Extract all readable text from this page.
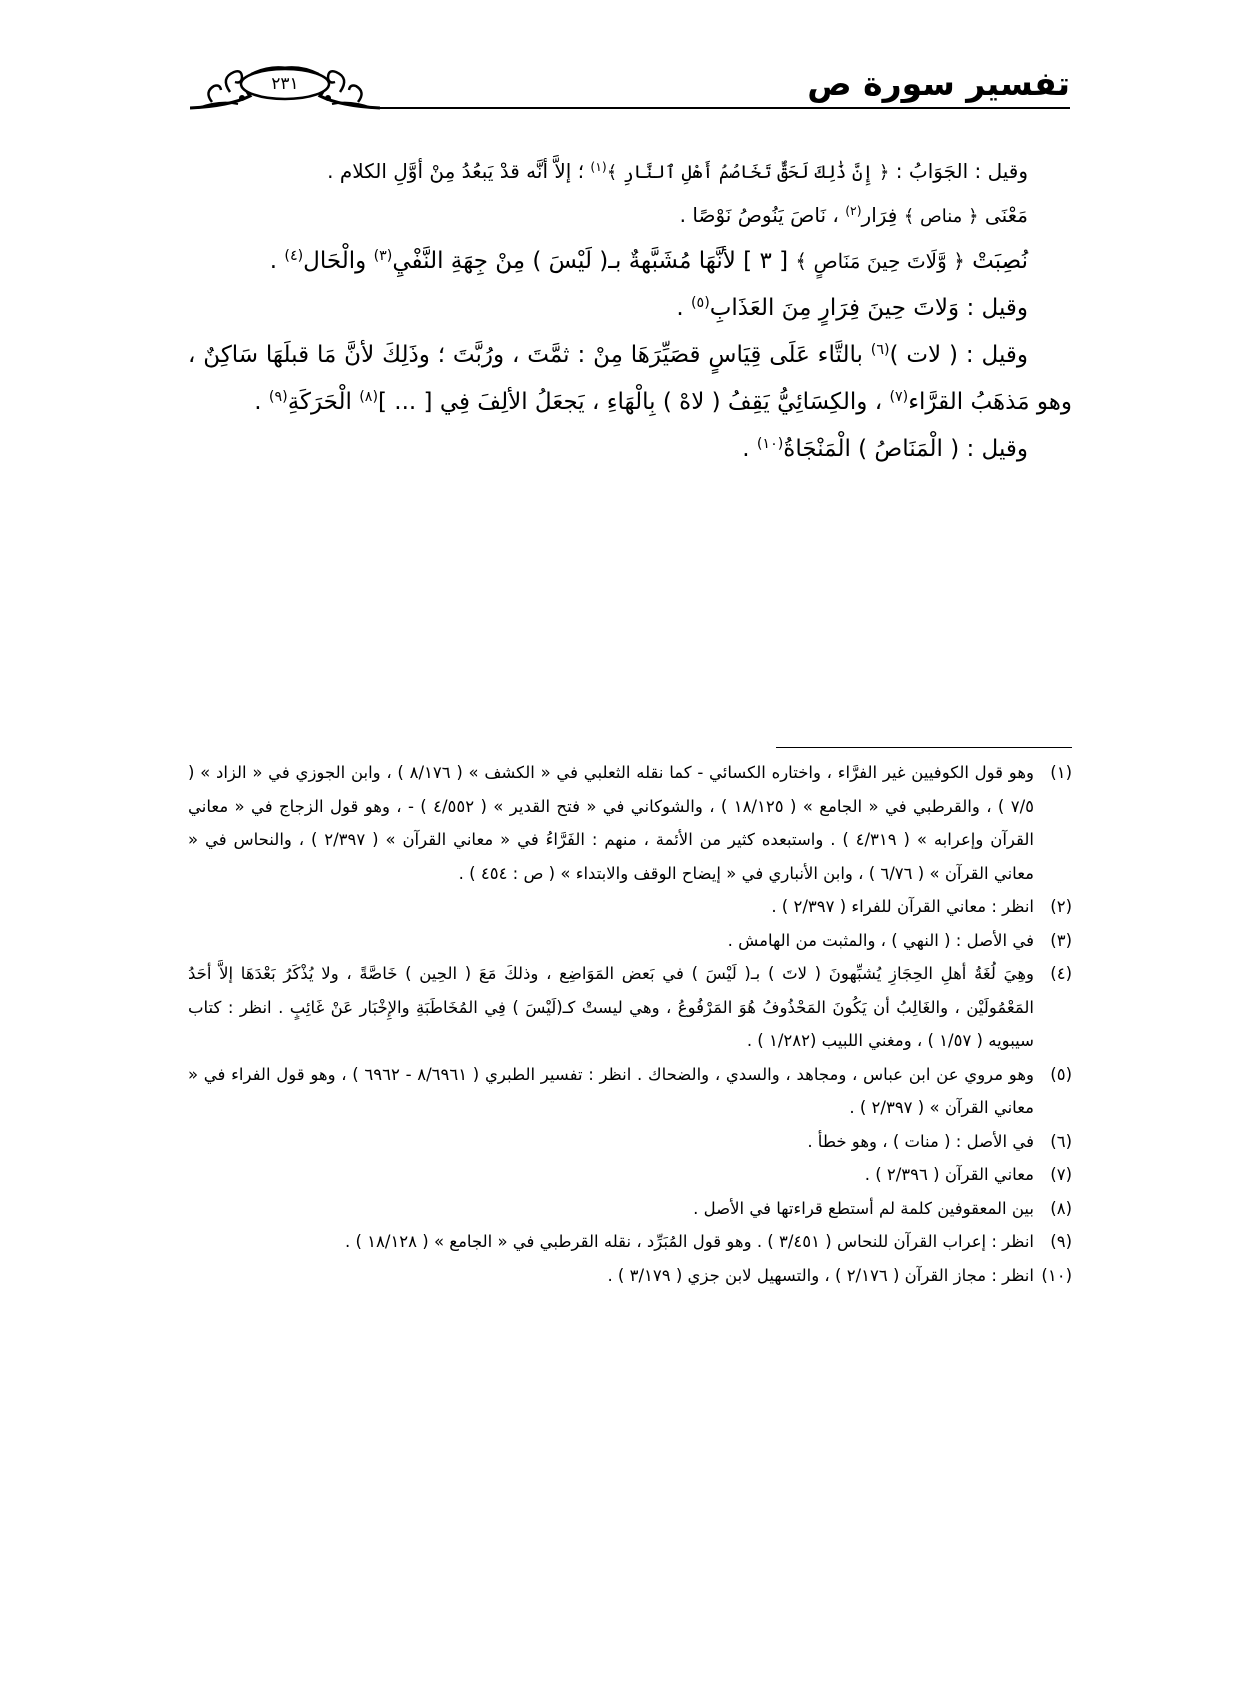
تفسير سورة ص
٢٣١

وقيل : الجَوَابُ : ﴿ إِنَّ ذَٰلِكَ لَحَقٌّ تَخَاصُمُ أَهْلِ ٱلنَّارِ ﴾$^{(١)}$ ؛ إلاَّ أنَّه قدْ يَبعُدُ مِنْ أوَّلِ الكلام .

مَعْنَى ﴿ مناص ﴾ فِرَار$^{(٢)}$ ، نَاصَ يَنُوصُ نَوْصًا .

نُصِبَتْ ﴿ وَّلَاتَ حِينَ مَنَاصٍ ﴾ [ ٣ ] لأنَّهَا مُشَبَّهةٌ بـ( لَيْسَ ) مِنْ جِهَةِ النَّفْيِ$^{(٣)}$ والْحَال$^{(٤)}$ .

وقيل : وَلاتَ حِينَ فِرَارٍ مِنَ العَذَابِ$^{(٥)}$ .

وقيل : ( لات )$^{(٦)}$ بالتَّاء عَلَى قِيَاسٍ قصَيِّرَهَا مِنْ : ثمَّتَ ، ورُبَّتَ ؛ وذَلِكَ لأنَّ مَا قبلَهَا سَاكِنٌ ، وهو مَذهَبُ القرَّاء$^{(٧)}$ ، والكِسَائِيُّ يَقِفُ ( لاهْ ) بِالْهَاءِ ، يَجعَلُ الألِفَ فِي [ ... ]$^{(٨)}$ الْحَرَكَةِ$^{(٩)}$ .

وقيل : ( الْمَنَاصُ ) الْمَنْجَاةُ$^{(١٠)}$ .

(١)
وهو قول الكوفيين غير الفرَّاء ، واختاره الكسائي - كما نقله الثعلبي في « الكشف » ( ٨/١٧٦ ) ، وابن الجوزي في « الزاد » ( ٧/٥ ) ، والقرطبي في « الجامع » ( ١٨/١٢٥ ) ، والشوكاني في « فتح القدير » ( ٤/٥٥٢ ) - ، وهو قول الزجاج في « معاني القرآن وإعرابه » ( ٤/٣١٩ ) . واستبعده كثير من الأئمة ، منهم : الفَرَّاءُ في « معاني القرآن » ( ٢/٣٩٧ ) ، والنحاس في « معاني القرآن » ( ٦/٧٦ ) ، وابن الأنباري في « إيضاح الوقف والابتداء » ( ص : ٤٥٤ ) .
(٢)
انظر : معاني القرآن للفراء ( ٢/٣٩٧ ) .
(٣)
في الأصل : ( النهي ) ، والمثبت من الهامش .
(٤)
وهِيَ لُغَةُ أهلِ الحِجَازِ يُشبِّهونَ ( لاتَ ) بـ( لَيْسَ ) في بَعض المَوَاضِع ، وذلكَ مَعَ ( الحِين ) خَاصَّةً ، ولا يُذْكَرُ بَعْدَهَا إلاَّ أحَدُ المَعْمُولَيْن ، والغَالِبُ أن يَكُونَ المَحْذُوفُ هُوَ المَرْفُوعُ ، وهي ليستْ كـ(لَيْسَ ) فِي المُخَاطَبَةِ والإِخْبَار عَنْ غَائِبٍ . انظر : كتاب سيبويه ( ١/٥٧ ) ، ومغني اللبيب (١/٢٨٢ ) .
(٥)
وهو مروي عن ابن عباس ، ومجاهد ، والسدي ، والضحاك . انظر : تفسير الطبري ( ٨/٦٩٦١ - ٦٩٦٢ ) ، وهو قول الفراء في « معاني القرآن » ( ٢/٣٩٧ ) .
(٦)
في الأصل : ( منات ) ، وهو خطأ .
(٧)
معاني القرآن ( ٢/٣٩٦ ) .
(٨)
بين المعقوفين كلمة لم أستطع قراءتها في الأصل .
(٩)
انظر : إعراب القرآن للنحاس ( ٣/٤٥١ ) . وهو قول المُبَرِّد ، نقله القرطبي في « الجامع » ( ١٨/١٢٨ ) .
(١٠)
انظر : مجاز القرآن ( ٢/١٧٦ ) ، والتسهيل لابن جزي ( ٣/١٧٩ ) .
